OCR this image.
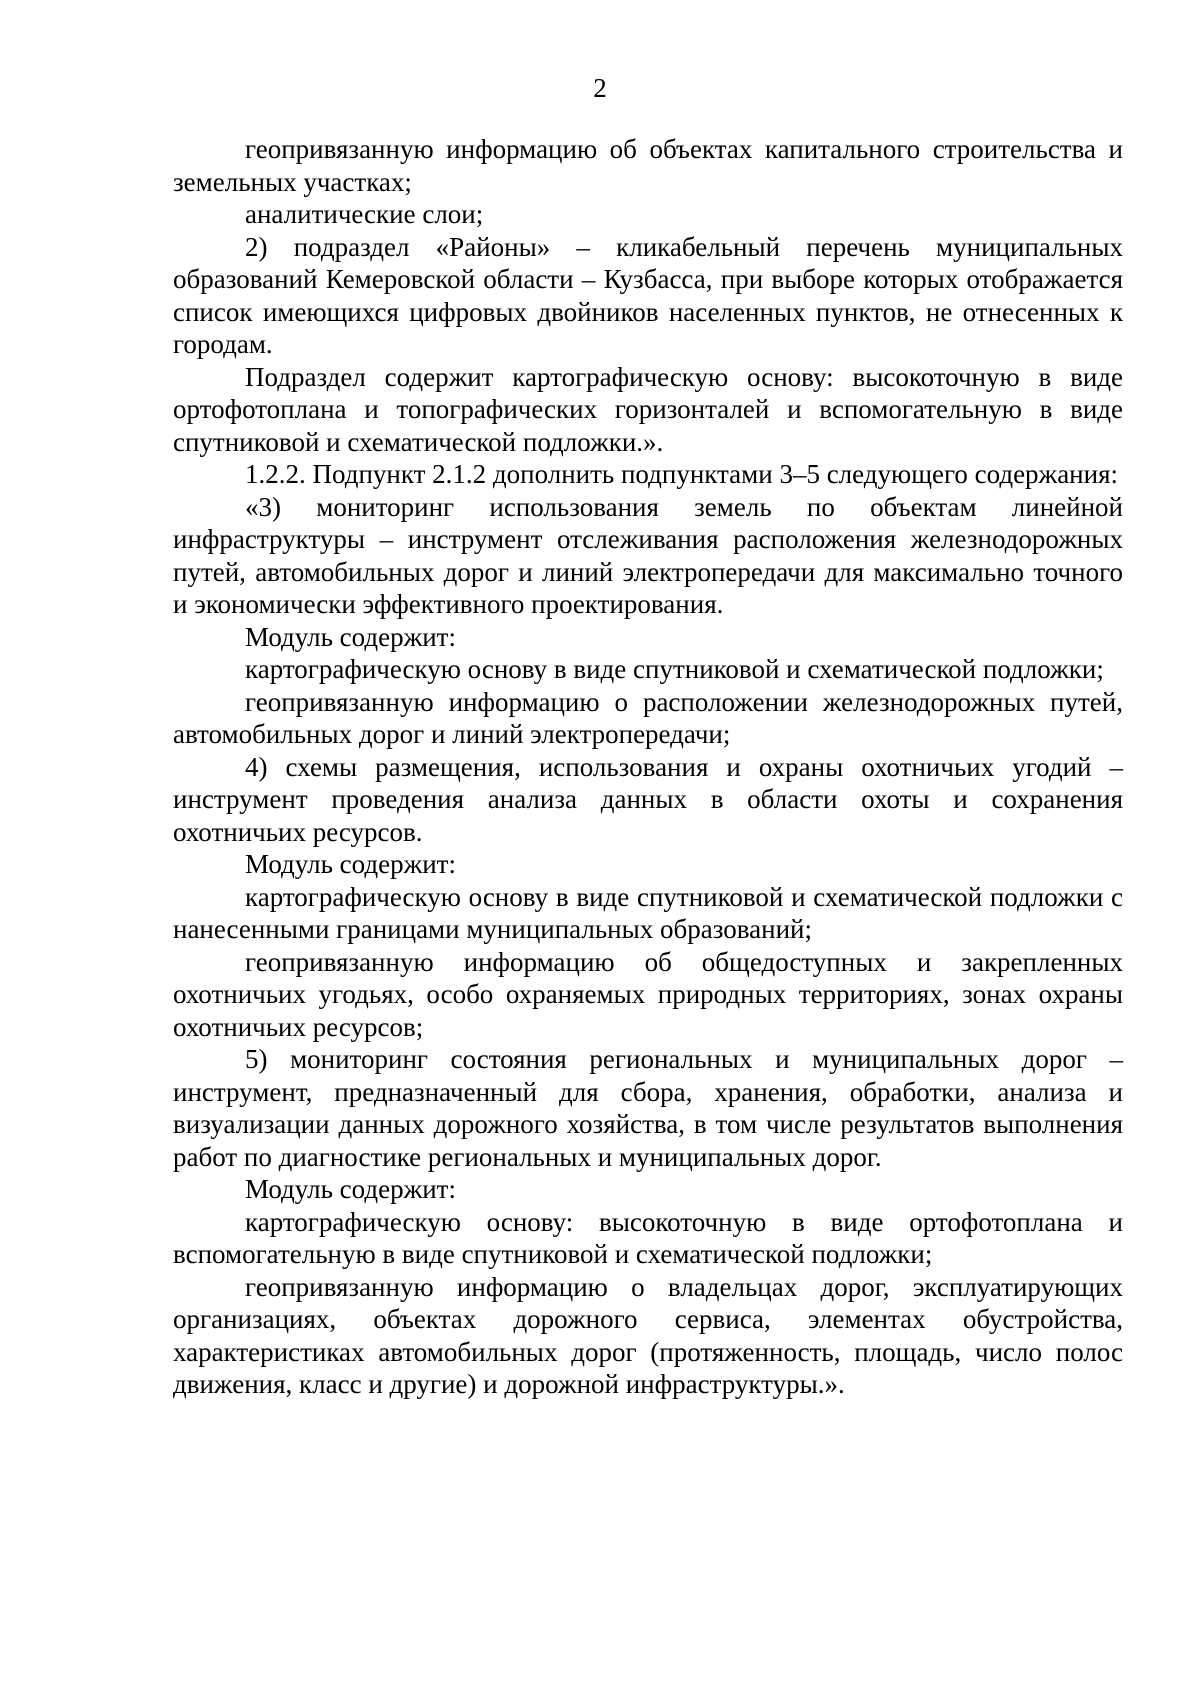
2

геопривязанную информацию об объектах капитального строительства и земельных участках;

аналитические слои;

2) подраздел «Районы» – кликабельный перечень муниципальных образований Кемеровской области – Кузбасса, при выборе которых отображается список имеющихся цифровых двойников населенных пунктов, не отнесенных к городам.

Подраздел содержит картографическую основу: высокоточную в виде ортофотоплана и топографических горизонталей и вспомогательную в виде спутниковой и схематической подложки.».

1.2.2. Подпункт 2.1.2 дополнить подпунктами 3–5 следующего содержания:

«3) мониторинг использования земель по объектам линейной инфраструктуры – инструмент отслеживания расположения железнодорожных путей, автомобильных дорог и линий электропередачи для максимально точного и экономически эффективного проектирования.

Модуль содержит:

картографическую основу в виде спутниковой и схематической подложки;

геопривязанную информацию о расположении железнодорожных путей, автомобильных дорог и линий электропередачи;

4) схемы размещения, использования и охраны охотничьих угодий – инструмент проведения анализа данных в области охоты и сохранения охотничьих ресурсов.

Модуль содержит:

картографическую основу в виде спутниковой и схематической подложки с нанесенными границами муниципальных образований;

геопривязанную информацию об общедоступных и закрепленных охотничьих угодьях, особо охраняемых природных территориях, зонах охраны охотничьих ресурсов;

5) мониторинг состояния региональных и муниципальных дорог – инструмент, предназначенный для сбора, хранения, обработки, анализа и визуализации данных дорожного хозяйства, в том числе результатов выполнения работ по диагностике региональных и муниципальных дорог.

Модуль содержит:

картографическую основу: высокоточную в виде ортофотоплана и вспомогательную в виде спутниковой и схематической подложки;

геопривязанную информацию о владельцах дорог, эксплуатирующих организациях, объектах дорожного сервиса, элементах обустройства, характеристиках автомобильных дорог (протяженность, площадь, число полос движения, класс и другие) и дорожной инфраструктуры.».
